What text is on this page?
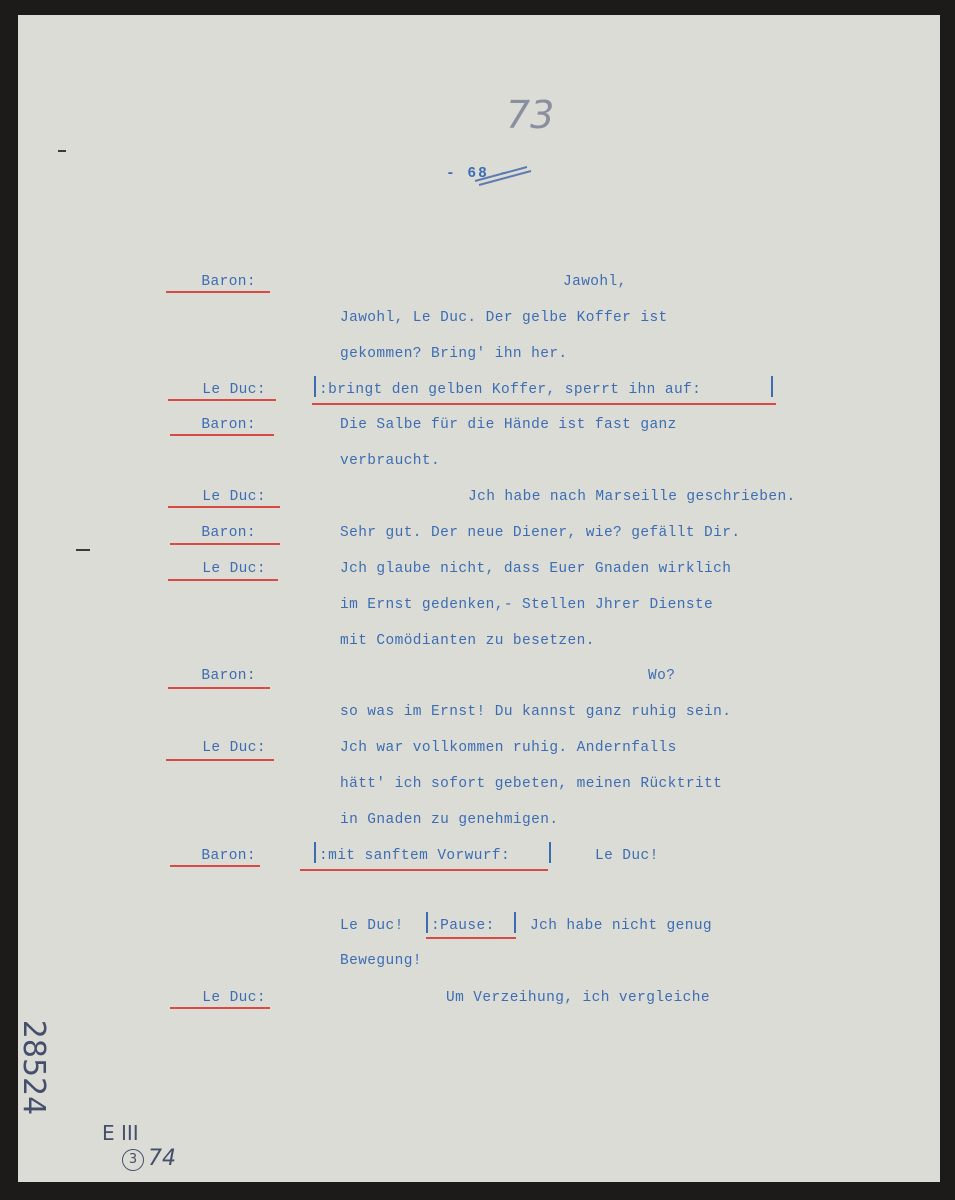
73
- 68 -
Baron:
Le Duc:
Baron:
Le Duc:
Baron:
Le Duc:
Baron:
Le Duc:
Baron:
Le Duc:
Jawohl,
Jawohl, Le Duc. Der gelbe Koffer ist
gekommen? Bring' ihn her.
:bringt den gelben Koffer, sperrt ihn auf:
Die Salbe für die Hände ist fast ganz
verbraucht.
Jch habe nach Marseille geschrieben.
Sehr gut. Der neue Diener, wie? gefällt Dir.
Jch glaube nicht, dass Euer Gnaden wirklich
im Ernst gedenken,- Stellen Jhrer Dienste
mit Comödianten zu besetzen.
Wo?
so was im Ernst! Du kannst ganz ruhig sein.
Jch war vollkommen ruhig. Andernfalls
hätt' ich sofort gebeten, meinen Rücktritt
in Gnaden zu genehmigen.
:mit sanftem Vorwurf:	Le Duc!
Le Duc! :Pause: Jch habe nicht genug
Bewegung!
Um Verzeihung, ich vergleiche
28524
E III
3 74
